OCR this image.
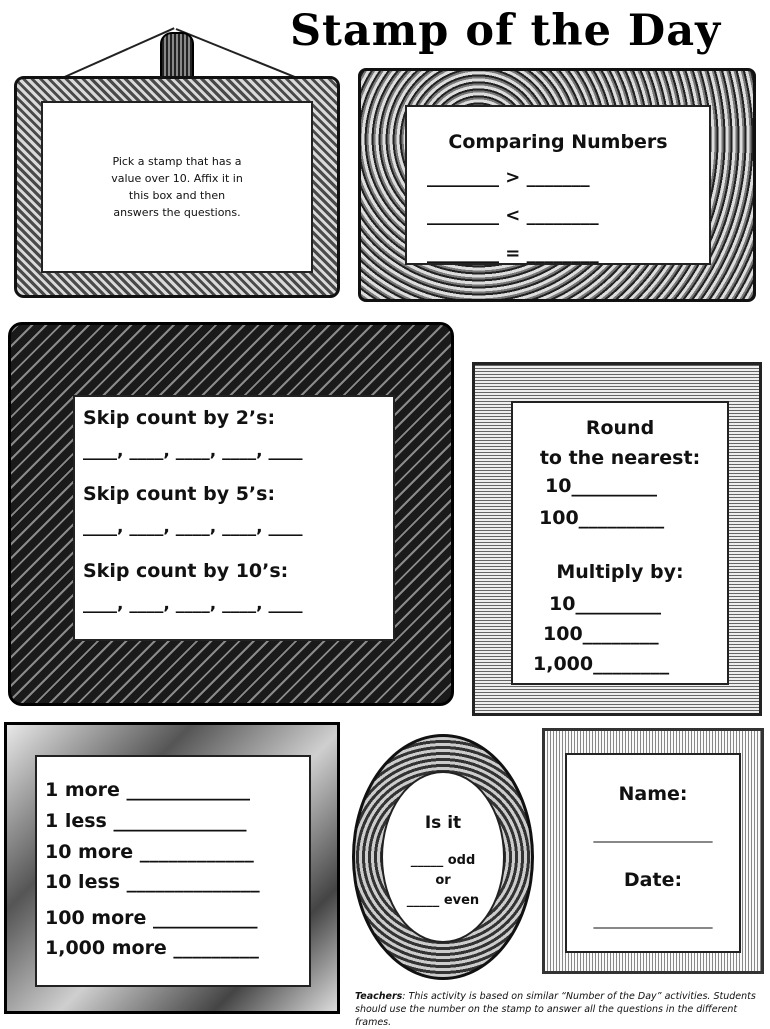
Stamp of the Day
Pick a stamp that has a
value over 10. Affix it in
this box and then
answers the questions.
Comparing Numbers
________ > _______
________ < ________
________ = ________
Skip count by 2’s:
____, ____, ____, ____, ____
Skip count by 5’s:
____, ____, ____, ____, ____
Skip count by 10’s:
____, ____, ____, ____, ____
Round
to the nearest:
10_________
100_________
Multiply by:
10_________
100________
1,000________
1 more _____________
1 less ______________
10 more ____________
10 less ______________
100 more ___________
1,000 more _________
Is it
_____ odd
or
_____ even
Name:
_________________
Date:
_________________
Teachers: This activity is based on similar “Number of the Day” activities. Students should use the number on the stamp to answer all the questions in the different frames.
